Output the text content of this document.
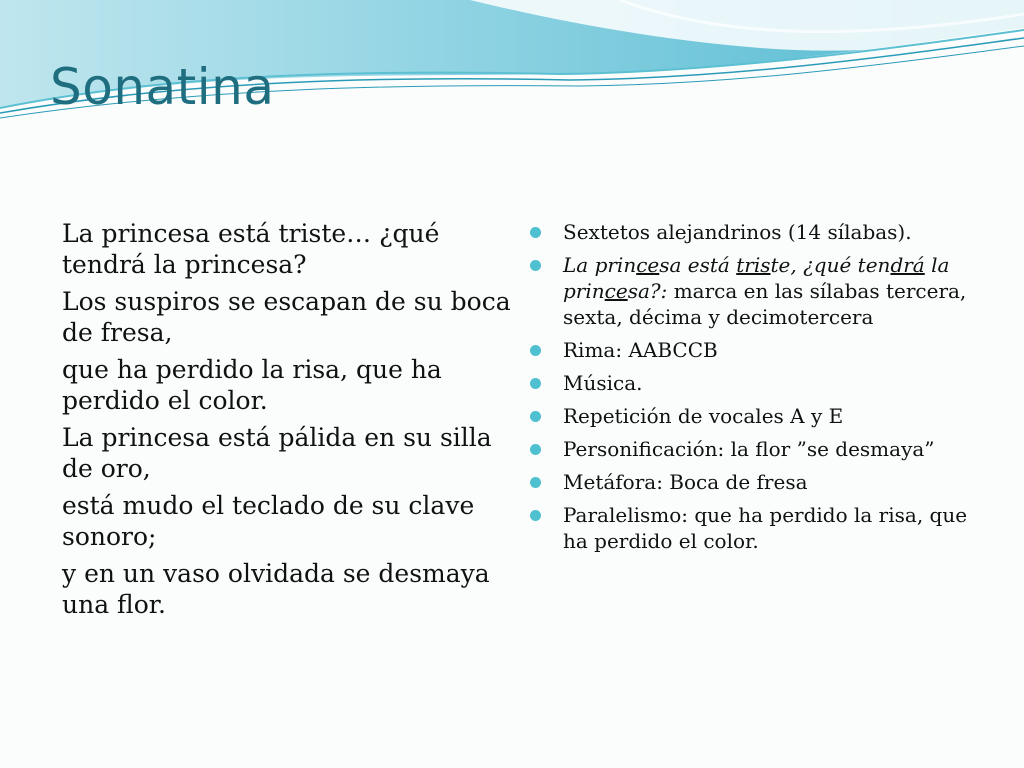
Sonatina

La princesa está triste… ¿qué tendrá la princesa?

Los suspiros se escapan de su boca de fresa,

que ha perdido la risa, que ha perdido el color.

La princesa está pálida en su silla de oro,

está mudo el teclado de su clave sonoro;

y en un vaso olvidada se desmaya una flor.

Sextetos alejandrinos (14 sílabas).
La princesa está triste, ¿qué tendrá la princesa?: marca en las sílabas tercera, sexta, décima y decimotercera
Rima: AABCCB
Música.
Repetición de vocales A y E
Personificación: la flor ”se desmaya”
Metáfora: Boca de fresa
Paralelismo: que ha perdido la risa, que ha perdido el color.
